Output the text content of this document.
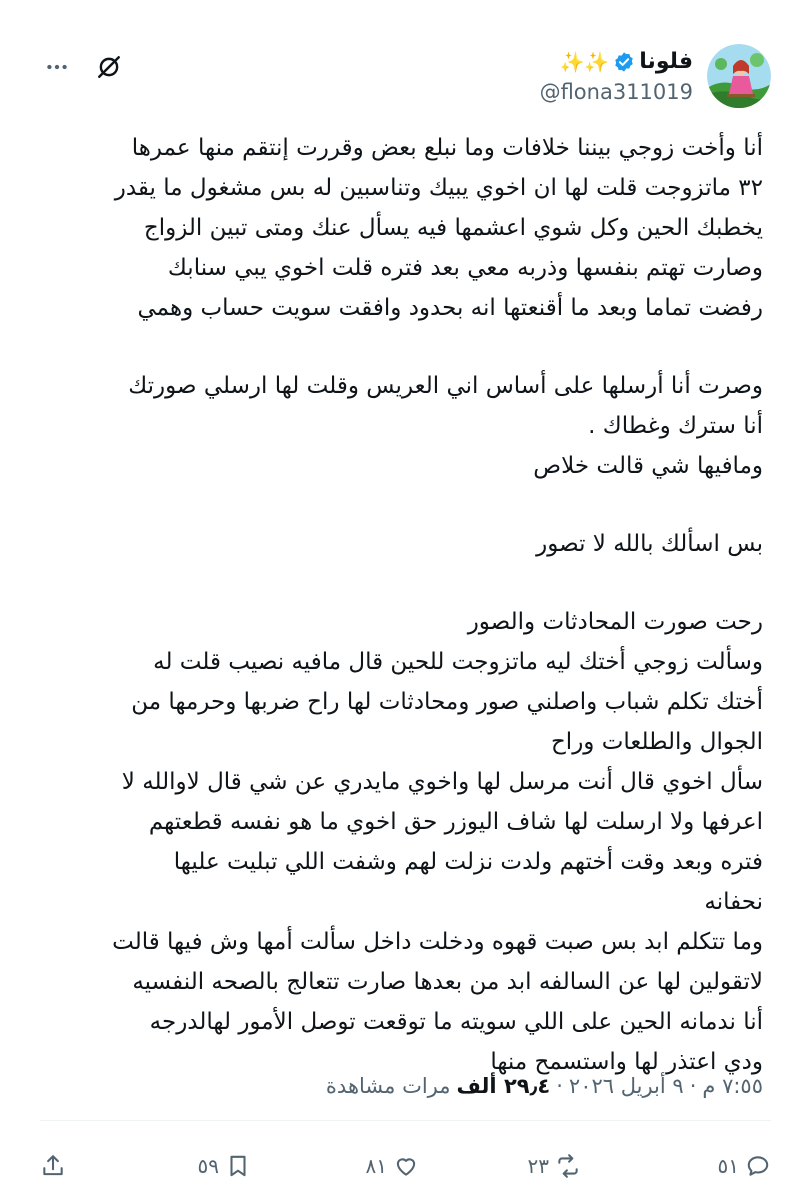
فلونا
✨✨
@flona311019
أنا وأخت زوجي بيننا خلافات وما نبلع بعض وقررت إنتقم منها عمرها
٣٢ ماتزوجت قلت لها ان اخوي يبيك وتناسبين له بس مشغول ما يقدر
يخطبك الحين وكل شوي اعشمها فيه يسأل عنك ومتى تبين الزواج
وصارت تهتم بنفسها وذربه معي بعد فتره قلت اخوي يبي سنابك
رفضت تماما وبعد ما أقنعتها انه بحدود وافقت سويت حساب وهمي
وصرت أنا أرسلها على أساس اني العريس وقلت لها ارسلي صورتك
أنا سترك وغطاك .
ومافيها شي قالت خلاص
بس اسألك بالله لا تصور
رحت صورت المحادثات والصور
وسألت زوجي أختك ليه ماتزوجت للحين قال مافيه نصيب قلت له
أختك تكلم شباب واصلني صور ومحادثات لها راح ضربها وحرمها من
الجوال والطلعات وراح
سأل اخوي قال أنت مرسل لها واخوي مايدري عن شي قال لاوالله لا
اعرفها ولا ارسلت لها شاف اليوزر حق اخوي ما هو نفسه قطعتهم
فتره وبعد وقت أختهم ولدت نزلت لهم وشفت اللي تبليت عليها
نحفانه
وما تتكلم ابد بس صبت قهوه ودخلت داخل سألت أمها وش فيها قالت
لاتقولين لها عن السالفه ابد من بعدها صارت تتعالج بالصحه النفسيه
أنا ندمانه الحين على اللي سويته ما توقعت توصل الأمور لهالدرجه
ودي اعتذر لها واستسمح منها
٧:٥٥ م
·
٩ أبريل ٢٠٢٦
·
٢٩٫٤ ألف
مرات مشاهدة
٥١
٢٣
٨١
٥٩
